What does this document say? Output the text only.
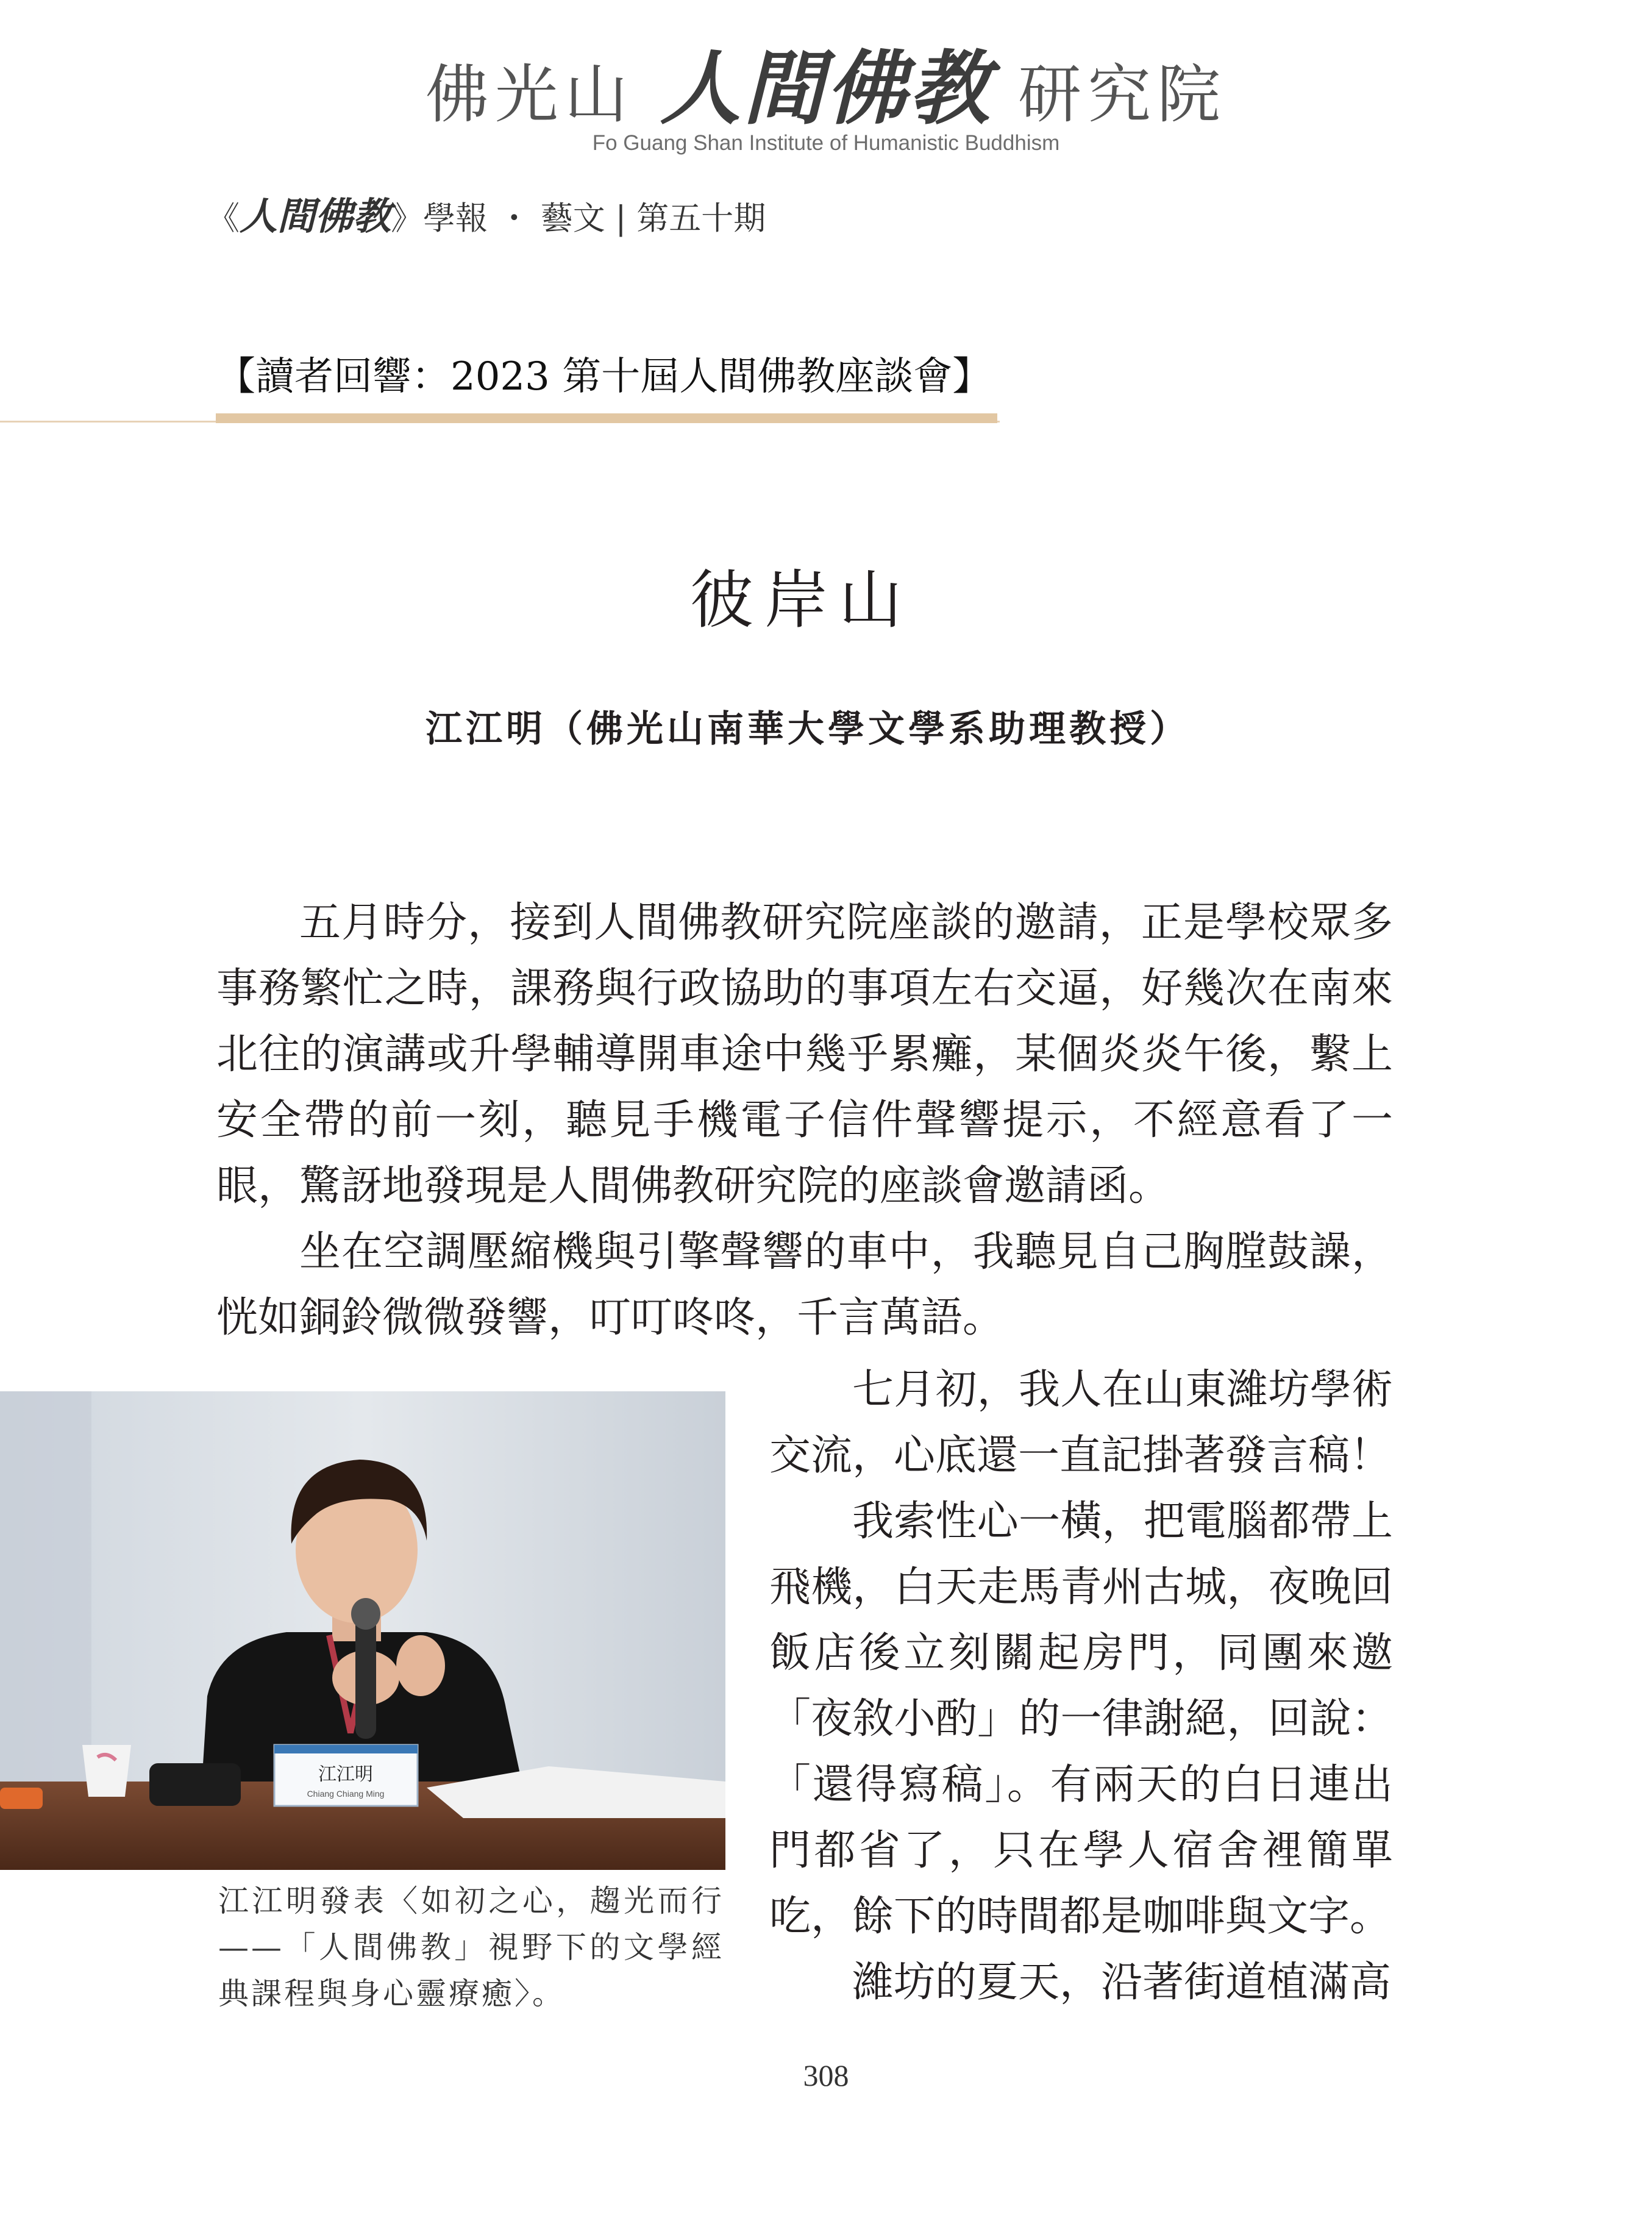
佛光山 人間佛教 研究院
Fo Guang Shan Institute of Humanistic Buddhism
《人間佛教》學報 ・ 藝文 | 第五十期
【讀者回響：2023 第十屆人間佛教座談會】
彼岸山
江江明（佛光山南華大學文學系助理教授）

五月時分，接到人間佛教研究院座談的邀請，正是學校眾多事務繁忙之時，課務與行政協助的事項左右交逼，好幾次在南來北往的演講或升學輔導開車途中幾乎累癱，某個炎炎午後，繫上安全帶的前一刻，聽見手機電子信件聲響提示，不經意看了一眼，驚訝地發現是人間佛教研究院的座談會邀請函。

坐在空調壓縮機與引擎聲響的車中，我聽見自己胸膛鼓譟，恍如銅鈴微微發響，叮叮咚咚，千言萬語。

江江明
Chiang Chiang Ming
江江明發表〈如初之心，趨光而行——「人間佛教」視野下的文學經典課程與身心靈療癒〉。

七月初，我人在山東濰坊學術交流，心底還一直記掛著發言稿！

我索性心一橫，把電腦都帶上飛機，白天走馬青州古城，夜晚回飯店後立刻關起房門，同團來邀「夜敘小酌」的一律謝絕，回說：「還得寫稿」。有兩天的白日連出門都省了，只在學人宿舍裡簡單吃，餘下的時間都是咖啡與文字。

濰坊的夏天，沿著街道植滿高

308
